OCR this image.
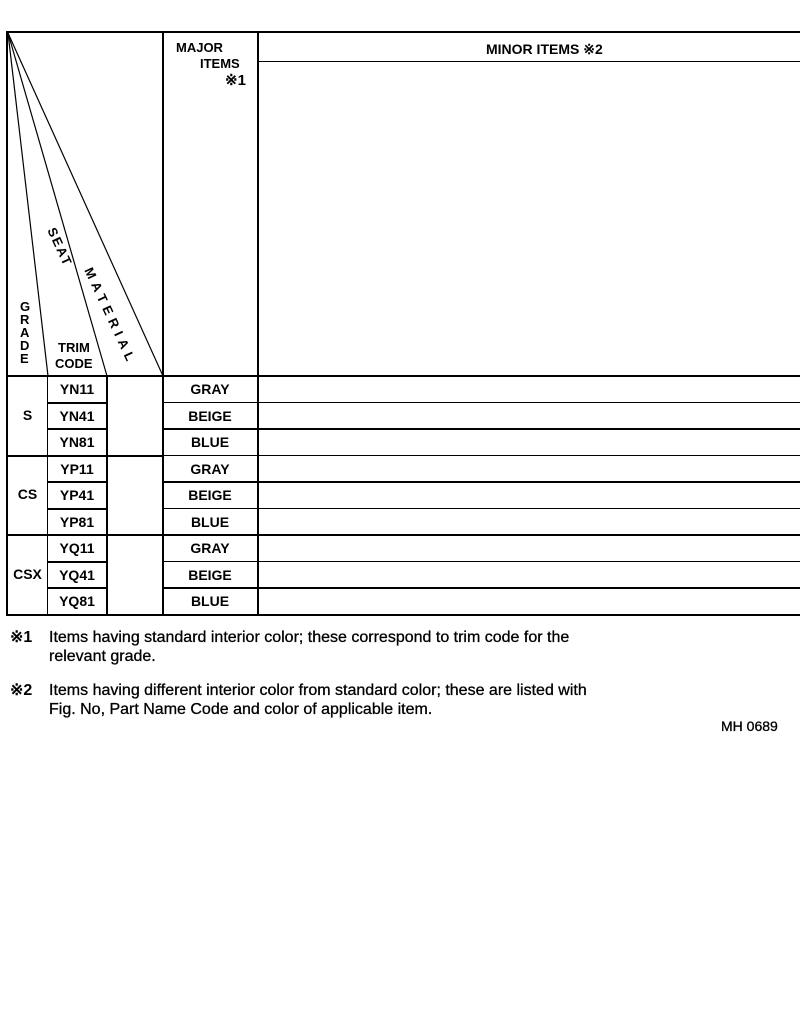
MAJOR
ITEMS
※1
MINOR ITEMS ※2
GRADE
TRIM
CODE
SEAT
MATERIAL
S
YN11	GRAY
YN41	BEIGE
YN81	BLUE
CS
YP11	GRAY
YP41	BEIGE
YP81	BLUE
CSX
YQ11	GRAY
YQ41	BEIGE
YQ81	BLUE
※1 Items having standard interior color; these correspond to trim code for the
relevant grade.
※2 Items having different interior color from standard color; these are listed with
Fig. No, Part Name Code and color of applicable item.
MH 0689
